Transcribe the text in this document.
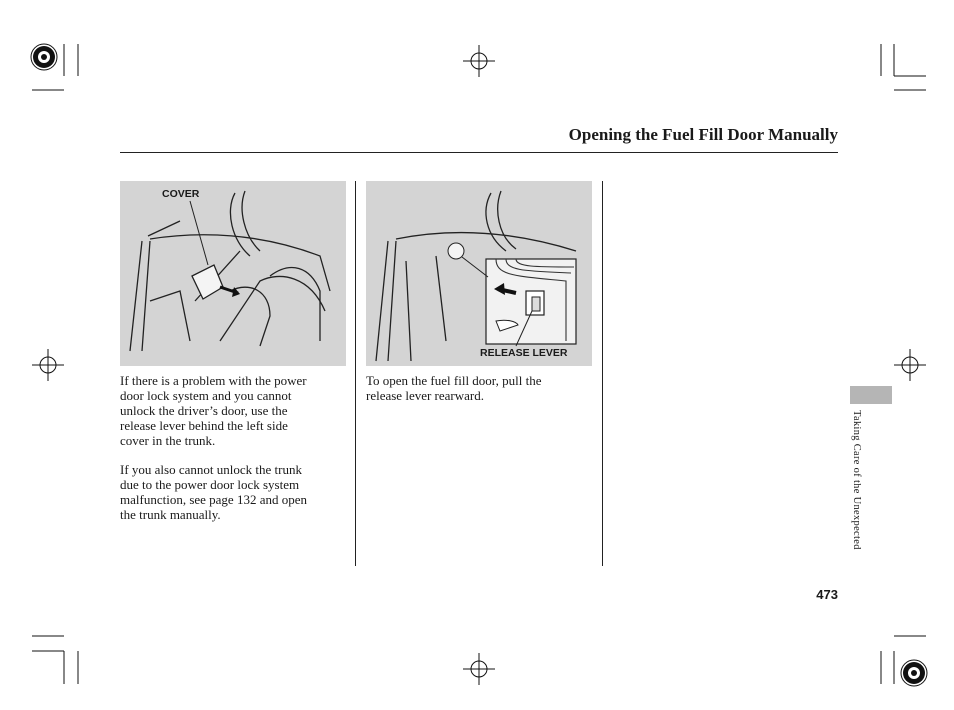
Opening the Fuel Fill Door Manually
COVER
RELEASE LEVER
If there is a problem with the power
door lock system and you cannot
unlock the driver’s door, use the
release lever behind the left side
cover in the trunk.
If you also cannot unlock the trunk
due to the power door lock system
malfunction, see page 132 and open
the trunk manually.
To open the fuel fill door, pull the
release lever rearward.
Taking Care of the Unexpected
473
